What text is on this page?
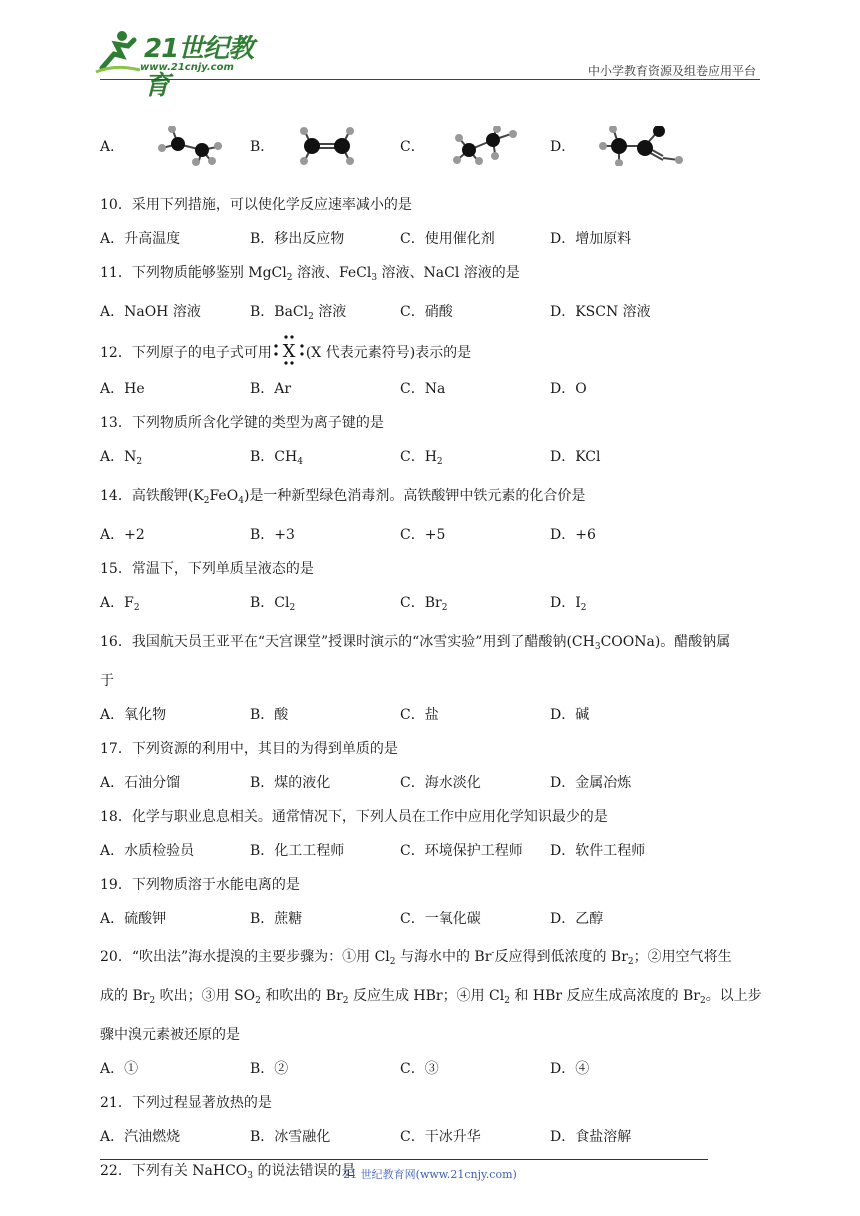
21世纪教育
www.21cnjy.com	中小学教育资源及组卷应用平台
A．	B．	C．	D．
10．采用下列措施，可以使化学反应速率减小的是
A．升高温度	B．移出反应物	C．使用催化剂	D．增加原料
11．下列物质能够鉴别 MgCl$_2$ 溶液、FeCl$_3$ 溶液、NaCl 溶液的是
A．NaOH 溶液	B．BaCl$_2$ 溶液	C．硝酸	D．KSCN 溶液
12．下列原子的电子式可用 X (X 代表元素符号)表示的是
A．He	B．Ar	C．Na	D．O
13．下列物质所含化学键的类型为离子键的是
A．$N_2$	B．$CH_4$	C．$H_2$	D．KCl
14．高铁酸钾$(K_2FeO_4)$是一种新型绿色消毒剂。高铁酸钾中铁元素的化合价是
A．+2	B．+3	C．+5	D．+6
15．常温下，下列单质呈液态的是
A．$F_2$	B．$Cl_2$	C．$Br_2$	D．$I_2$
16．我国航天员王亚平在“天宫课堂”授课时演示的“冰雪实验”用到了醋酸钠$(CH_3COONa)$。醋酸钠属
于
A．氧化物	B．酸	C．盐	D．碱
17．下列资源的利用中，其目的为得到单质的是
A．石油分馏	B．煤的液化	C．海水淡化	D．金属冶炼
18．化学与职业息息相关。通常情况下，下列人员在工作中应用化学知识最少的是
A．水质检验员	B．化工工程师	C．环境保护工程师	D．软件工程师
19．下列物质溶于水能电离的是
A．硫酸钾	B．蔗糖	C．一氧化碳	D．乙醇
20．“吹出法”海水提溴的主要步骤为：①用 $Cl_2$ 与海水中的 Br-反应得到低浓度的 $Br_2$；②用空气将生
成的 $Br_2$ 吹出；③用 $SO_2$ 和吹出的 $Br_2$ 反应生成 HBr；④用 $Cl_2$ 和 HBr 反应生成高浓度的 $Br_2$。以上步
骤中溴元素被还原的是
A．①	B．②	C．③	D．④
21．下列过程显著放热的是
A．汽油燃烧	B．冰雪融化	C．干冰升华	D．食盐溶解
22．下列有关 NaHCO$_3$ 的说法错误的是
21 世纪教育网(www.21cnjy.com)
